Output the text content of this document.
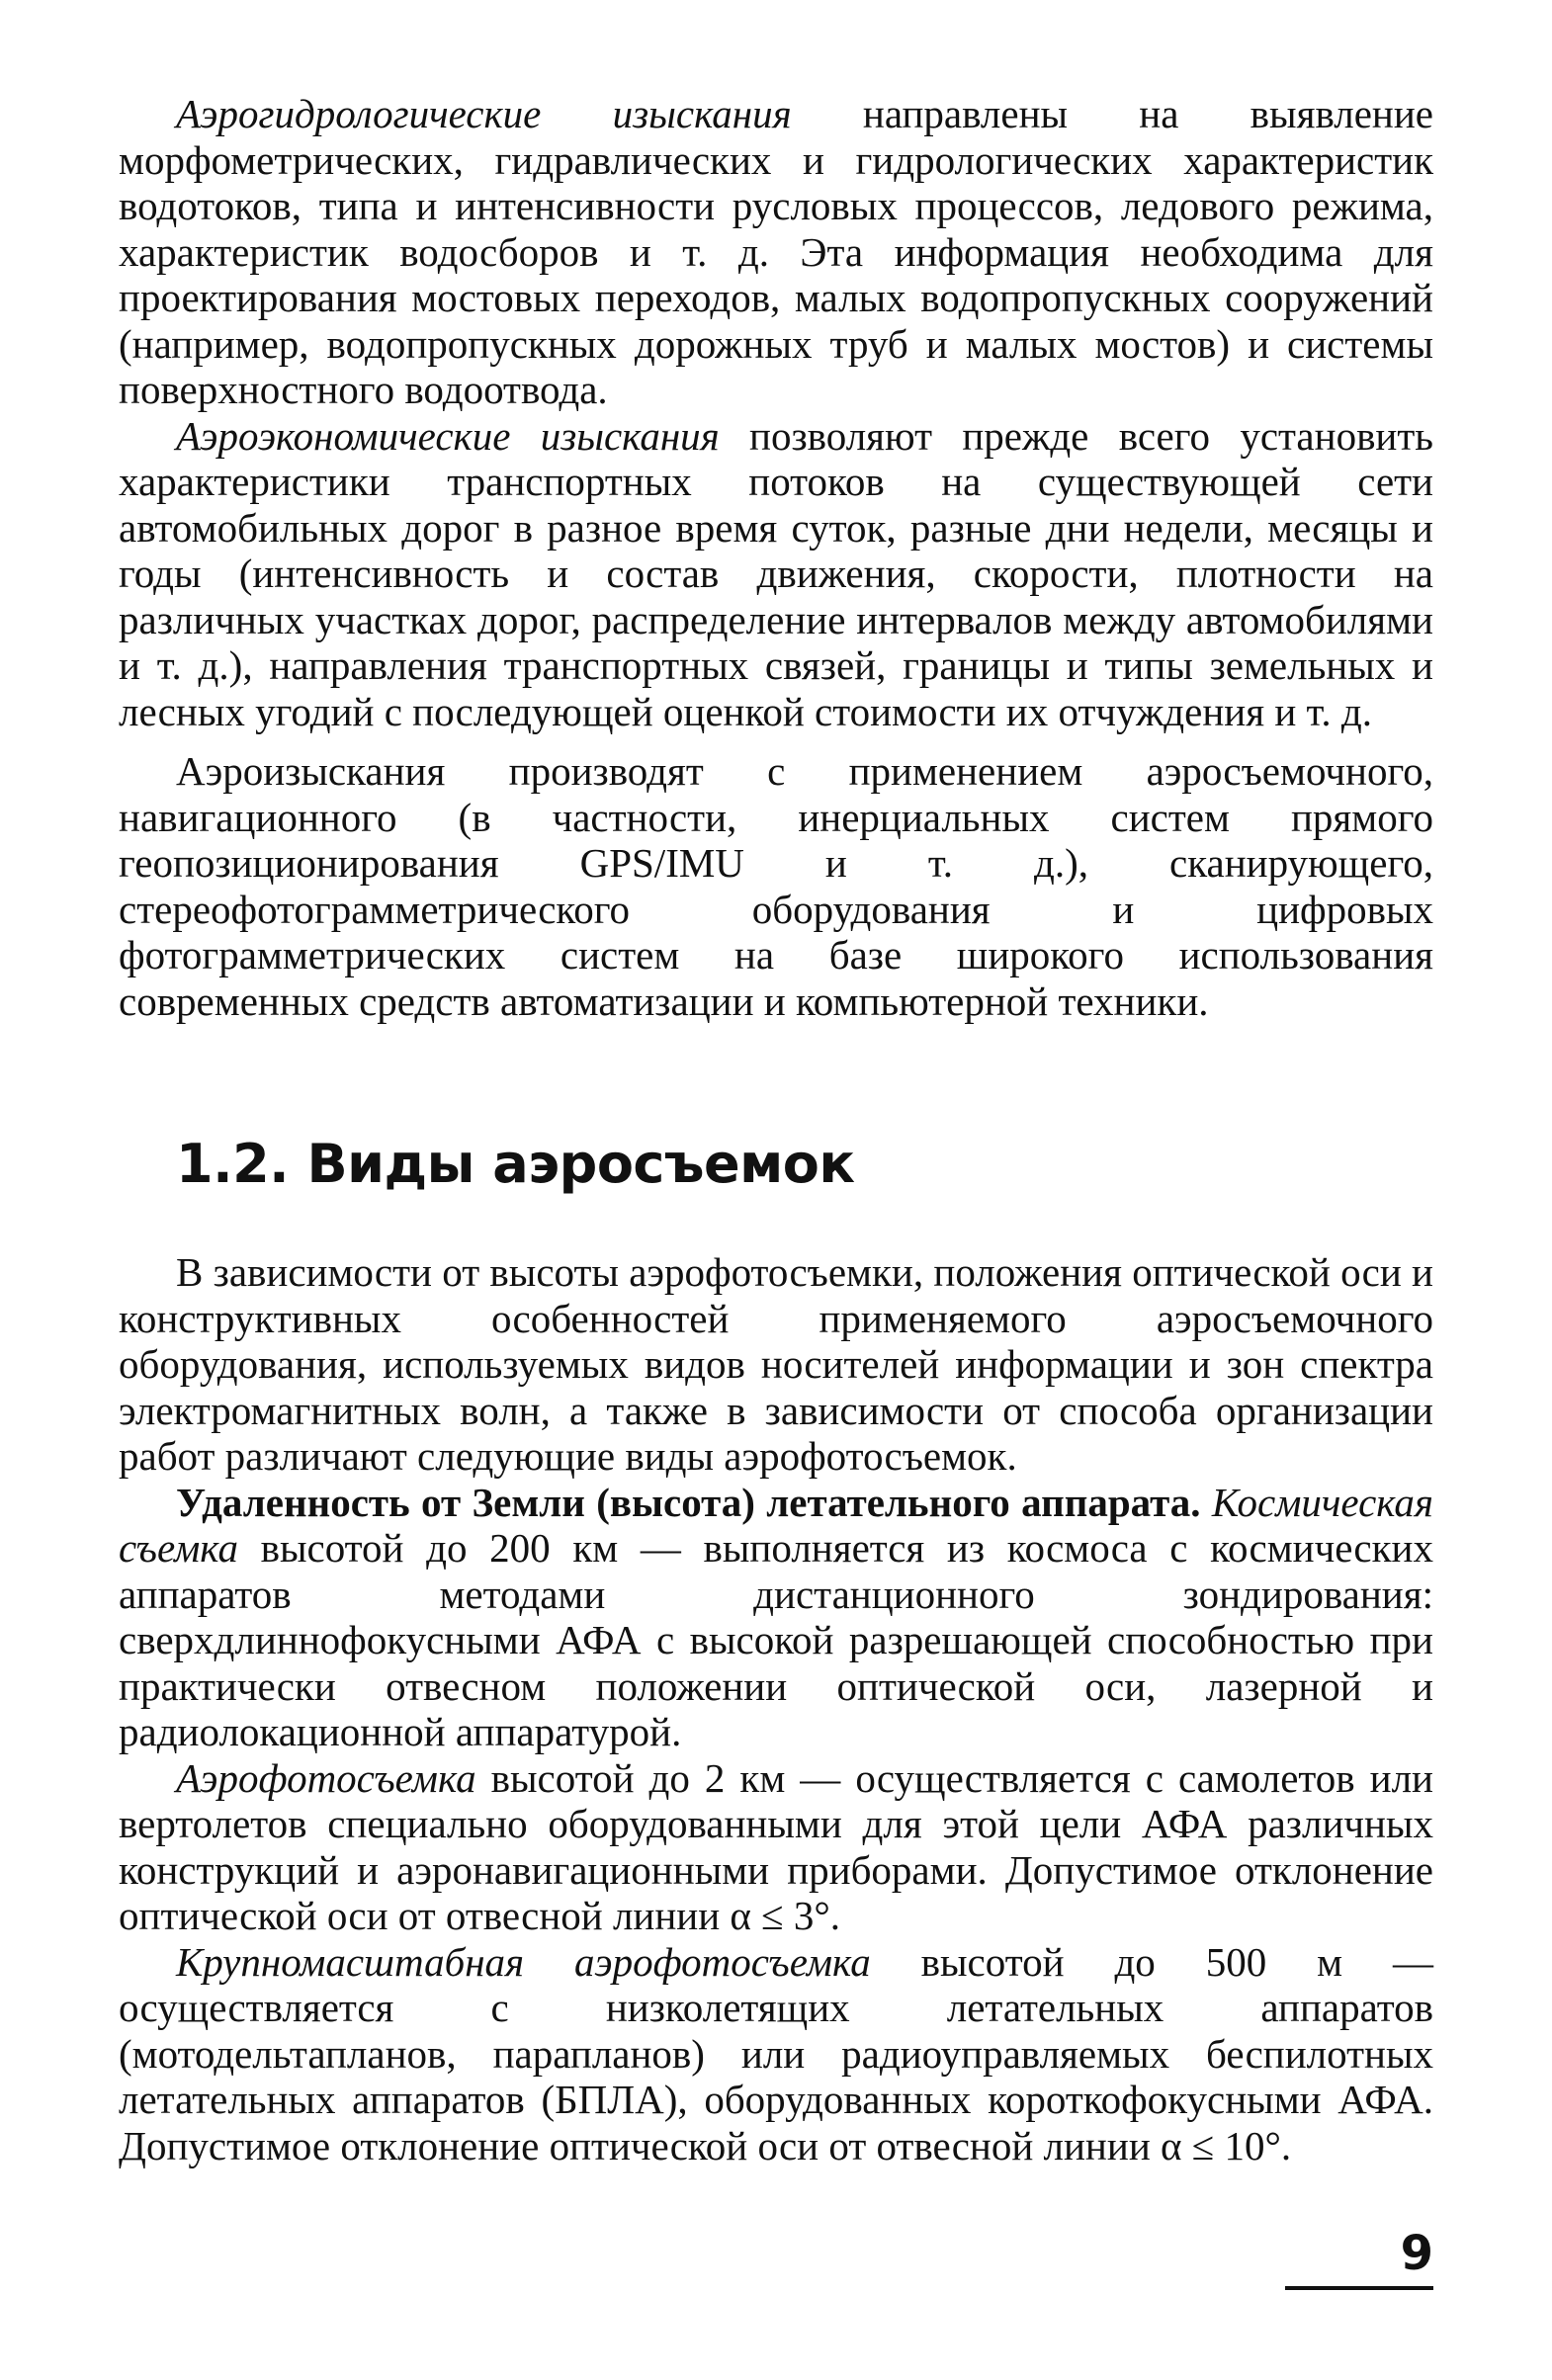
Аэрогидрологические изыскания направлены на выявление морфометрических, гидравлических и гидрологических характеристик водотоков, типа и интенсивности русловых процессов, ледового режима, характеристик водосборов и т. д. Эта информация необходима для проектирования мостовых переходов, малых водопропускных сооружений (например, водопропускных дорожных труб и малых мостов) и системы поверхностного водоотвода.

Аэроэкономические изыскания позволяют прежде всего установить характеристики транспортных потоков на существующей сети автомобильных дорог в разное время суток, разные дни недели, месяцы и годы (интенсивность и состав движения, скорости, плотности на различных участках дорог, распределение интервалов между автомобилями и т. д.), направления транспортных связей, границы и типы земельных и лесных угодий с последующей оценкой стоимости их отчуждения и т. д.

Аэроизыскания производят с применением аэросъемочного, навигационного (в частности, инерциальных систем прямого геопозиционирования GPS/IMU и т. д.), сканирующего, стереофотограмметрического оборудования и цифровых фотограмметрических систем на базе широкого использования современных средств автоматизации и компьютерной техники.

1.2. Виды аэросъемок

В зависимости от высоты аэрофотосъемки, положения оптической оси и конструктивных особенностей применяемого аэросъемочного оборудования, используемых видов носителей информации и зон спектра электромагнитных волн, а также в зависимости от способа организации работ различают следующие виды аэрофотосъемок.

Удаленность от Земли (высота) летательного аппарата. Космическая съемка высотой до 200 км — выполняется из космоса с космических аппаратов методами дистанционного зондирования: сверхдлиннофокусными АФА с высокой разрешающей способностью при практически отвесном положении оптической оси, лазерной и радиолокационной аппаратурой.

Аэрофотосъемка высотой до 2 км — осуществляется с самолетов или вертолетов специально оборудованными для этой цели АФА различных конструкций и аэронавигационными приборами. Допустимое отклонение оптической оси от отвесной линии α ≤ 3°.

Крупномасштабная аэрофотосъемка высотой до 500 м — осуществляется с низколетящих летательных аппаратов (мотодельтапланов, парапланов) или радиоуправляемых беспилотных летательных аппаратов (БПЛА), оборудованных короткофокусными АФА. Допустимое отклонение оптической оси от отвесной линии α ≤ 10°.

9
